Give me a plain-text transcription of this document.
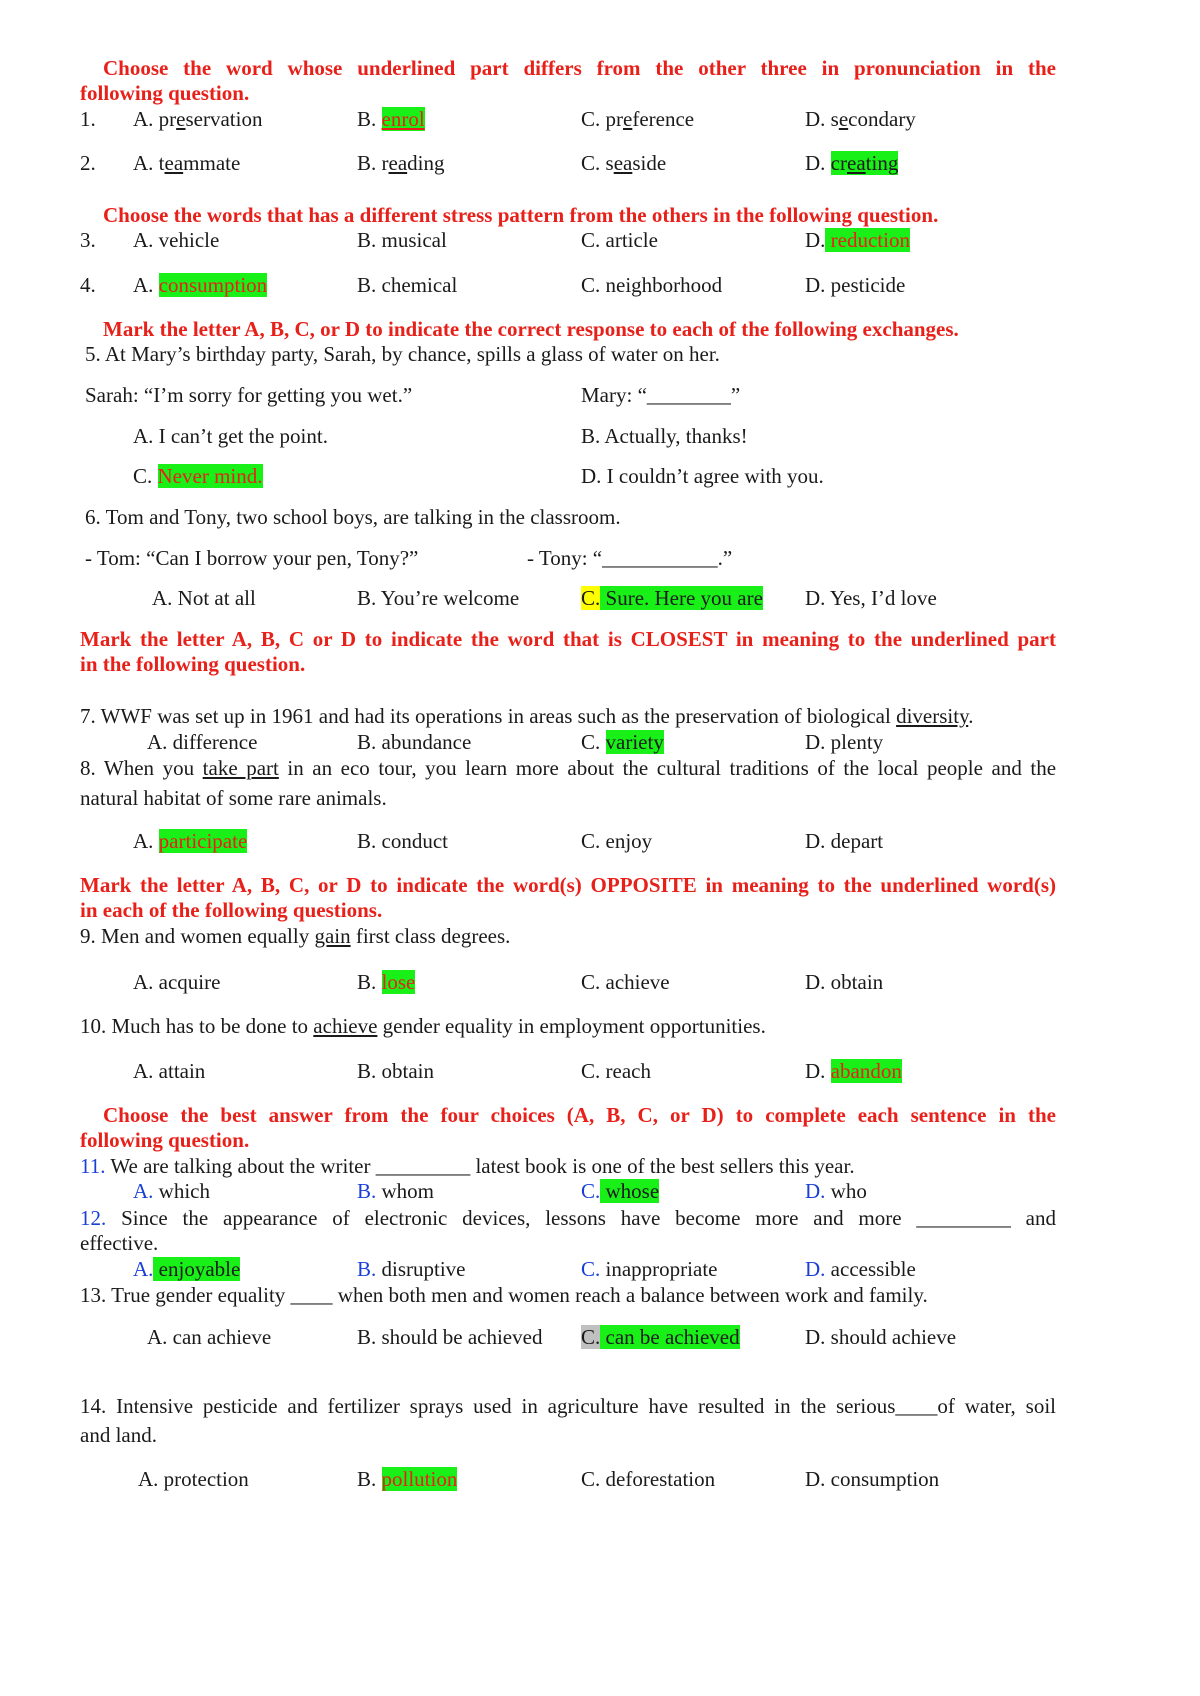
Choose the word whose underlined part differs from the other three in pronunciation in the
following question.
1. A. preservation	B. enrol	C. preference	D. secondary
2. A. teammate	B. reading	C. seaside	D. creating
Choose the words that has a different stress pattern from the others in the following question.
3. A. vehicle	B. musical	C. article	D. reduction
4. A. consumption	B. chemical	C. neighborhood	D. pesticide
Mark the letter A, B, C, or D to indicate the correct response to each of the following exchanges.
5. At Mary’s birthday party, Sarah, by chance, spills a glass of water on her.
Sarah: “I’m sorry for getting you wet.”	Mary: “________”
A. I can’t get the point.	B. Actually, thanks!
C. Never mind.	D. I couldn’t agree with you.
6. Tom and Tony, two school boys, are talking in the classroom.
- Tom: “Can I borrow your pen, Tony?”	- Tony: “___________.”
A. Not at all	B. You’re welcome	C. Sure. Here you are D. Yes, I’d love
Mark the letter A, B, C or D to indicate the word that is CLOSEST in meaning to the underlined part
in the following question.
7. WWF was set up in 1961 and had its operations in areas such as the preservation of biological diversity.
A. difference	B. abundance	C. variety	D. plenty
8. When you take part in an eco tour, you learn more about the cultural traditions of the local people and the
natural habitat of some rare animals.
A. participate	B. conduct	C. enjoy	D. depart
Mark the letter A, B, C, or D to indicate the word(s) OPPOSITE in meaning to the underlined word(s)
in each of the following questions.
9. Men and women equally gain first class degrees.
A. acquire	B. lose	C. achieve	D. obtain
10. Much has to be done to achieve gender equality in employment opportunities.
A. attain	B. obtain	C. reach	D. abandon
Choose the best answer from the four choices (A, B, C, or D) to complete each sentence in the
following question.
11. We are talking about the writer _________ latest book is one of the best sellers this year.
A. which	B. whom	C. whose	D. who
12. Since the appearance of electronic devices, lessons have become more and more _________ and
effective.
A. enjoyable	B. disruptive	C. inappropriate	D. accessible
13. True gender equality ____ when both men and women reach a balance between work and family.
A. can achieve	B. should be achieved C. can be achieved	D. should achieve
14. Intensive pesticide and fertilizer sprays used in agriculture have resulted in the serious____of water, soil
and land.
A. protection	B. pollution	C. deforestation	D. consumption
